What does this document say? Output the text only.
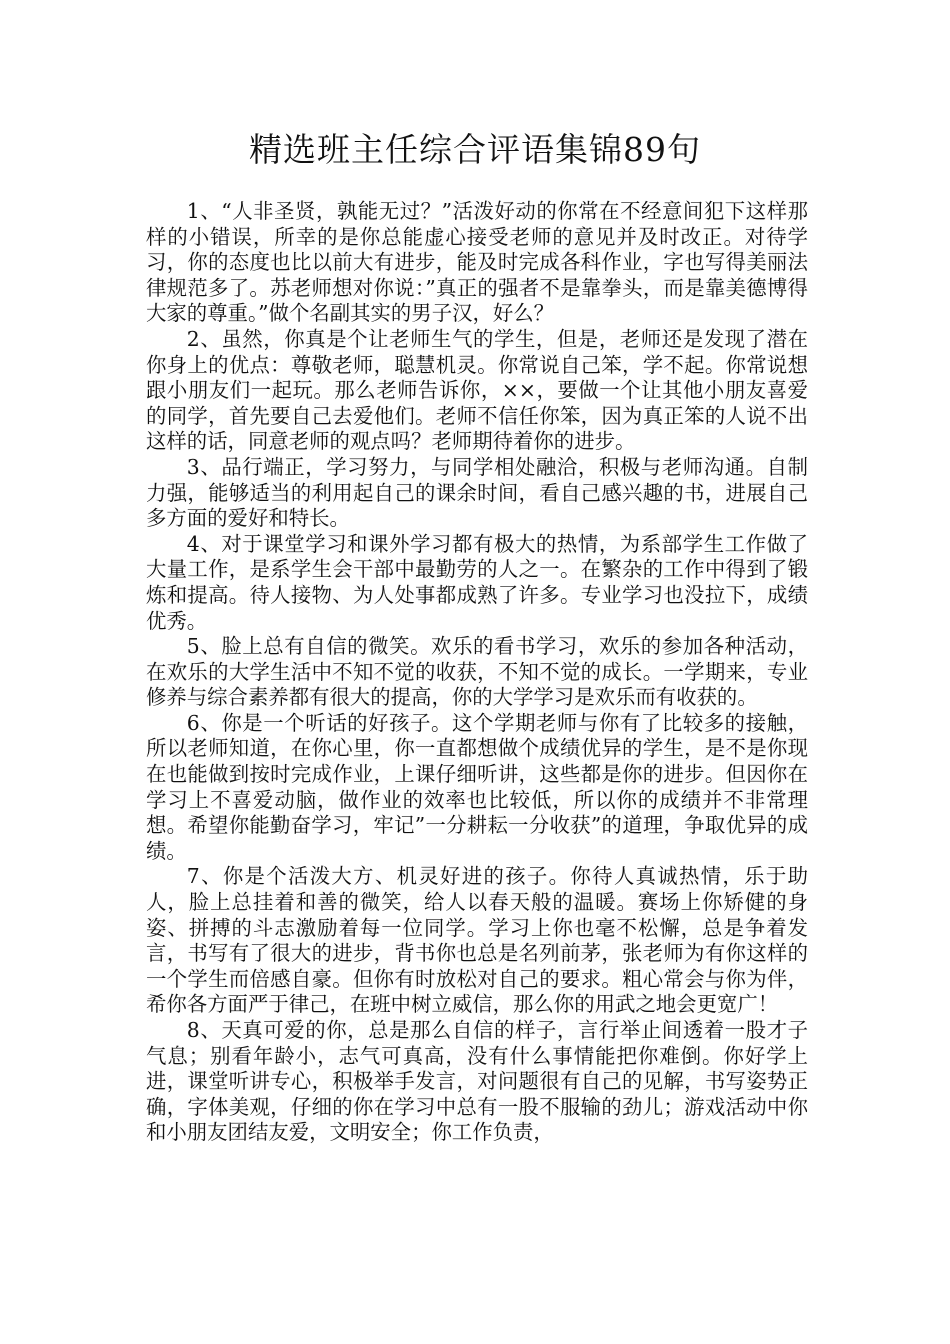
精选班主任综合评语集锦89句

1、“人非圣贤，孰能无过？”活泼好动的你常在不经意间犯下这样那样的小错误，所幸的是你总能虚心接受老师的意见并及时改正。对待学习，你的态度也比以前大有进步，能及时完成各科作业，字也写得美丽法律规范多了。苏老师想对你说：”真正的强者不是靠拳头，而是靠美德博得大家的尊重。”做个名副其实的男子汉，好么？

2、虽然，你真是个让老师生气的学生，但是，老师还是发现了潜在你身上的优点：尊敬老师，聪慧机灵。你常说自己笨，学不起。你常说想跟小朋友们一起玩。那么老师告诉你，××，要做一个让其他小朋友喜爱的同学，首先要自己去爱他们。老师不信任你笨，因为真正笨的人说不出这样的话，同意老师的观点吗？老师期待着你的进步。

3、品行端正，学习努力，与同学相处融洽，积极与老师沟通。自制力强，能够适当的利用起自己的课余时间，看自己感兴趣的书，进展自己多方面的爱好和特长。

4、对于课堂学习和课外学习都有极大的热情，为系部学生工作做了大量工作，是系学生会干部中最勤劳的人之一。在繁杂的工作中得到了锻炼和提高。待人接物、为人处事都成熟了许多。专业学习也没拉下，成绩优秀。

5、脸上总有自信的微笑。欢乐的看书学习，欢乐的参加各种活动，在欢乐的大学生活中不知不觉的收获，不知不觉的成长。一学期来，专业修养与综合素养都有很大的提高，你的大学学习是欢乐而有收获的。

6、你是一个听话的好孩子。这个学期老师与你有了比较多的接触，所以老师知道，在你心里，你一直都想做个成绩优异的学生，是不是你现在也能做到按时完成作业，上课仔细听讲，这些都是你的进步。但因你在学习上不喜爱动脑，做作业的效率也比较低，所以你的成绩并不非常理想。希望你能勤奋学习，牢记”一分耕耘一分收获”的道理，争取优异的成绩。

7、你是个活泼大方、机灵好进的孩子。你待人真诚热情，乐于助人，脸上总挂着和善的微笑，给人以春天般的温暖。赛场上你矫健的身姿、拼搏的斗志激励着每一位同学。学习上你也毫不松懈，总是争着发言，书写有了很大的进步，背书你也总是名列前茅，张老师为有你这样的一个学生而倍感自豪。但你有时放松对自己的要求。粗心常会与你为伴，希你各方面严于律己，在班中树立威信，那么你的用武之地会更宽广！

8、天真可爱的你，总是那么自信的样子，言行举止间透着一股才子气息；别看年龄小，志气可真高，没有什么事情能把你难倒。你好学上进，课堂听讲专心，积极举手发言，对问题很有自己的见解，书写姿势正确，字体美观，仔细的你在学习中总有一股不服输的劲儿；游戏活动中你和小朋友团结友爱，文明安全；你工作负责，
